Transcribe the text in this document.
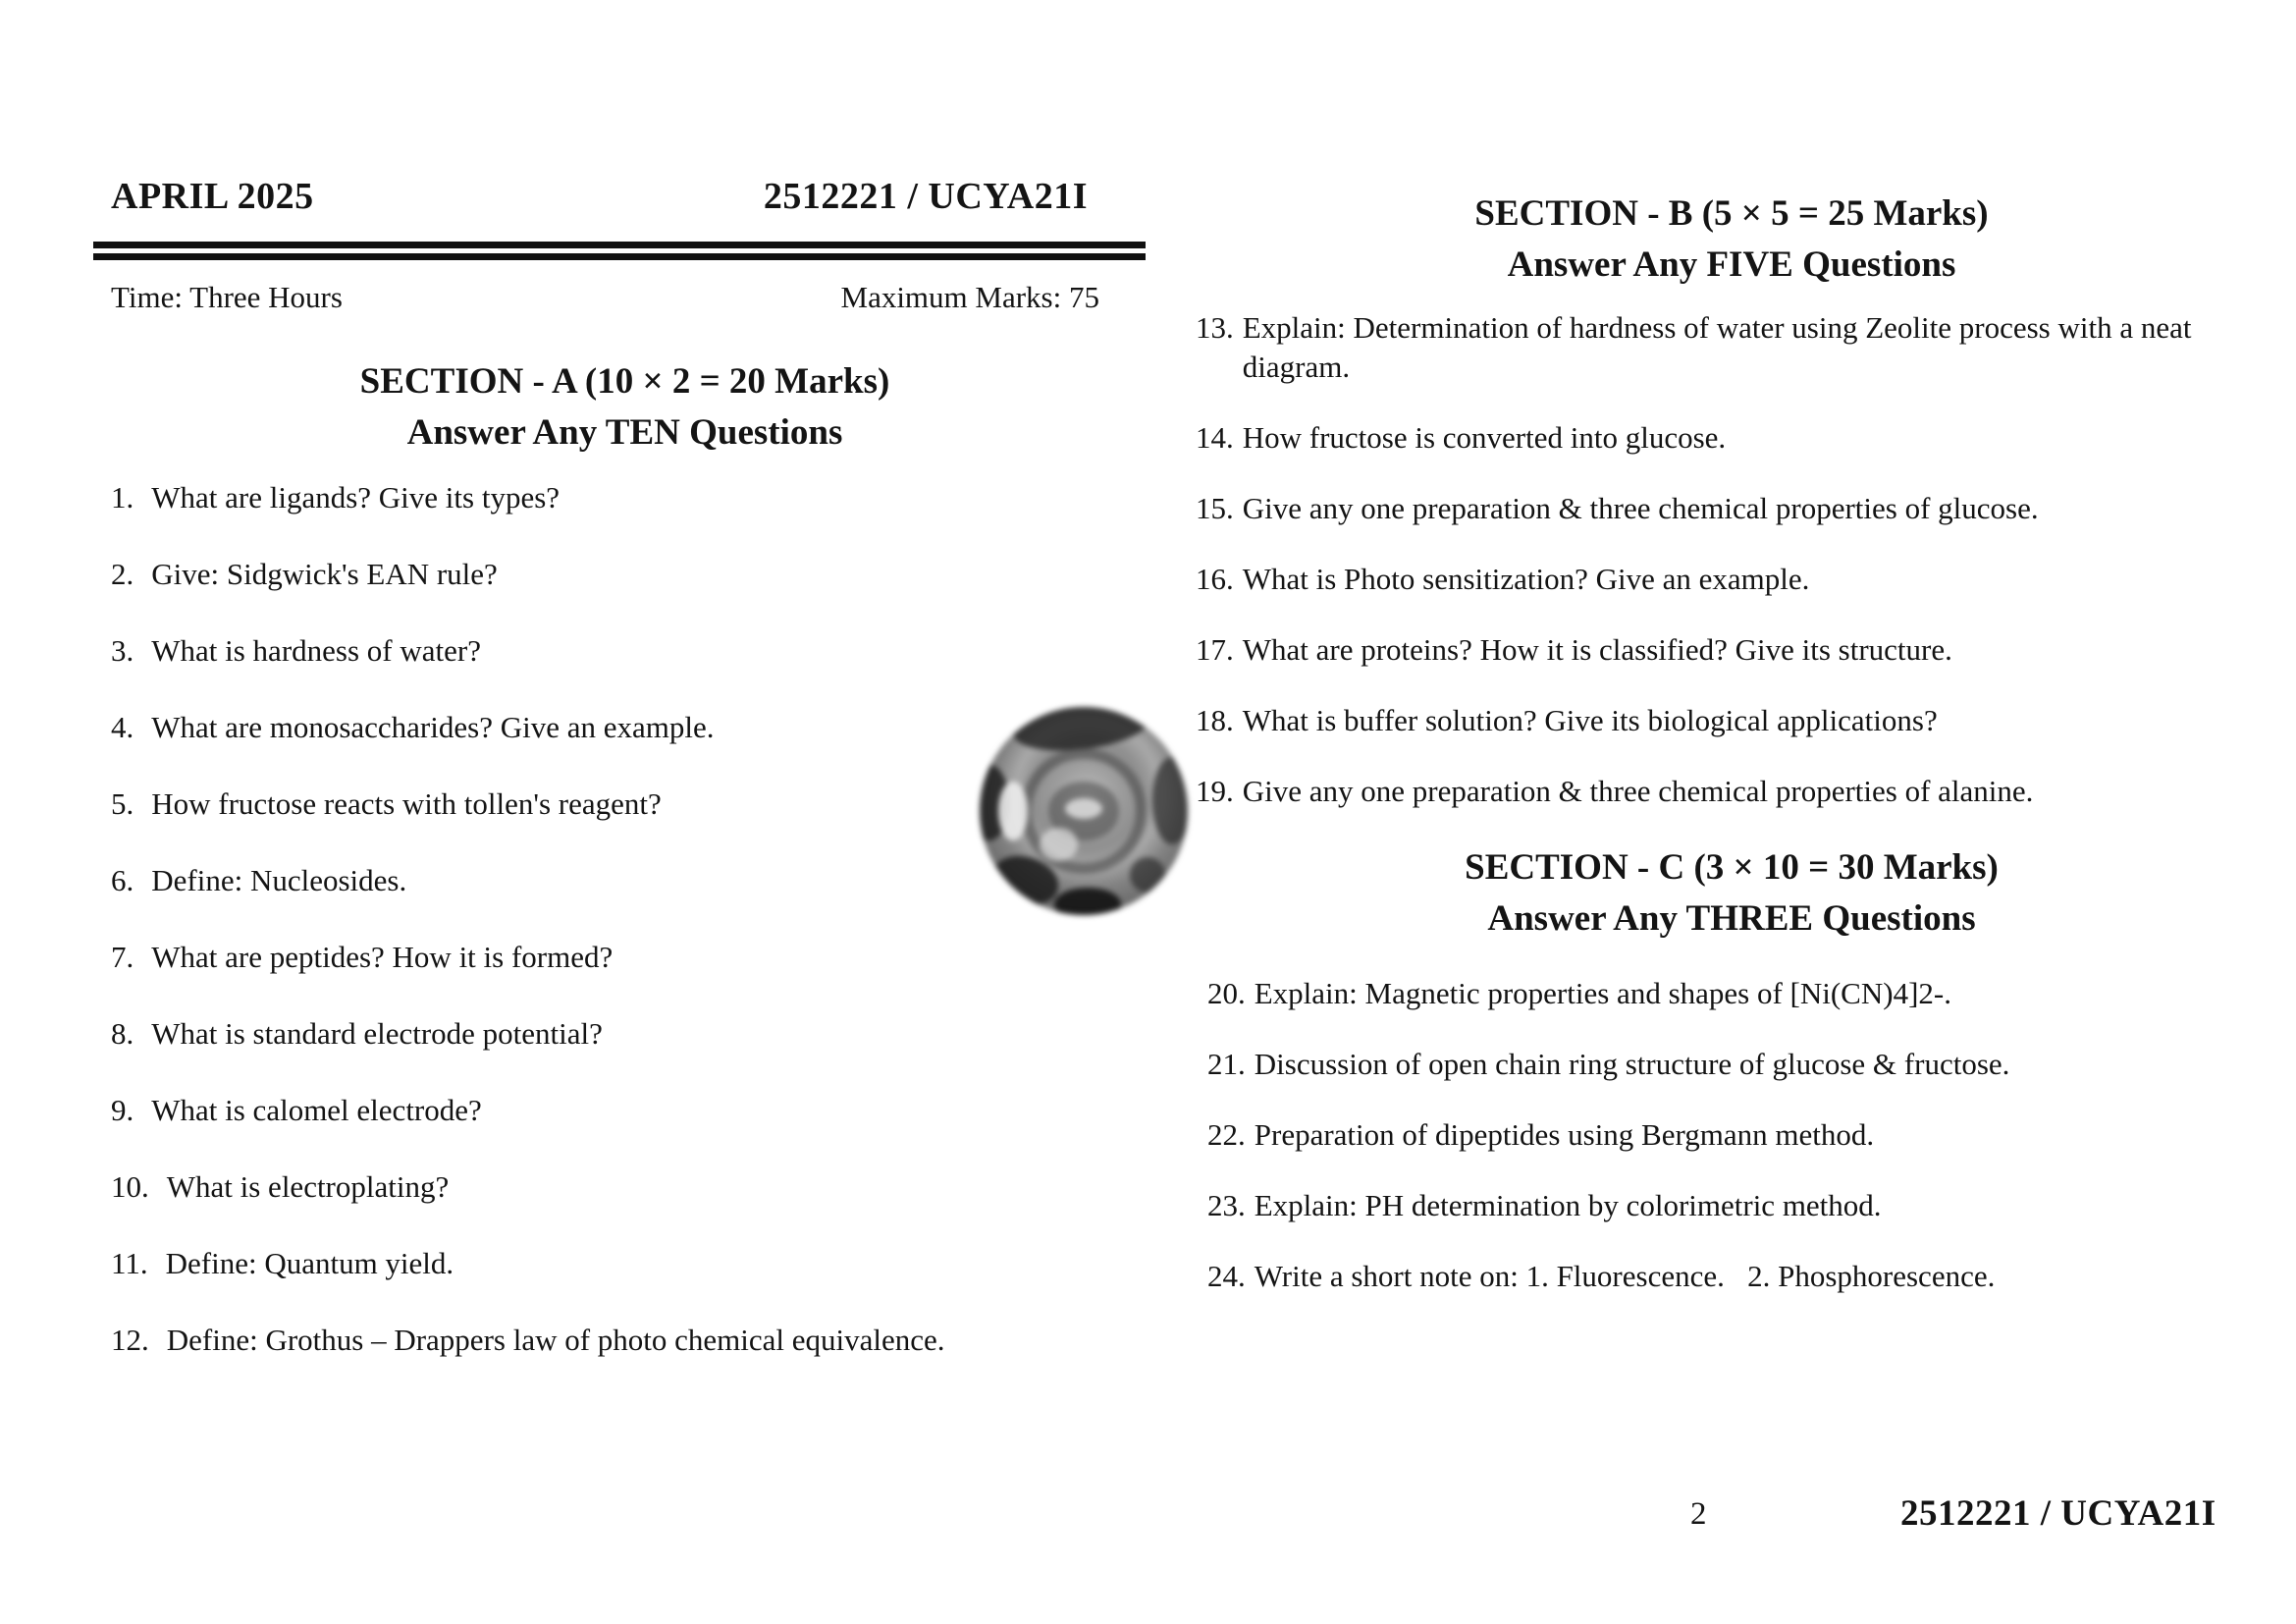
APRIL 2025	2512221 / UCYA21I
Time: Three Hours	Maximum Marks: 75
SECTION - A (10 × 2 = 20 Marks)
Answer Any TEN Questions
1. What are ligands? Give its types?
2. Give: Sidgwick's EAN rule?
3. What is hardness of water?
4. What are monosaccharides? Give an example.
5. How fructose reacts with tollen's reagent?
6. Define: Nucleosides.
7. What are peptides? How it is formed?
8. What is standard electrode potential?
9. What is calomel electrode?
10. What is electroplating?
11. Define: Quantum yield.
12. Define: Grothus – Drappers law of photo chemical equivalence.
SECTION - B (5 × 5 = 25 Marks)
Answer Any FIVE Questions
13. Explain: Determination of hardness of water using Zeolite process with a neat diagram.
14. How fructose is converted into glucose.
15. Give any one preparation & three chemical properties of glucose.
16. What is Photo sensitization? Give an example.
17. What are proteins? How it is classified? Give its structure.
18. What is buffer solution? Give its biological applications?
19. Give any one preparation & three chemical properties of alanine.
SECTION - C (3 × 10 = 30 Marks)
Answer Any THREE Questions
20. Explain: Magnetic properties and shapes of [Ni(CN)4]2-.
21. Discussion of open chain ring structure of glucose & fructose.
22. Preparation of dipeptides using Bergmann method.
23. Explain: PH determination by colorimetric method.
24. Write a short note on: 1. Fluorescence.   2. Phosphorescence.
2	2512221 / UCYA21I
